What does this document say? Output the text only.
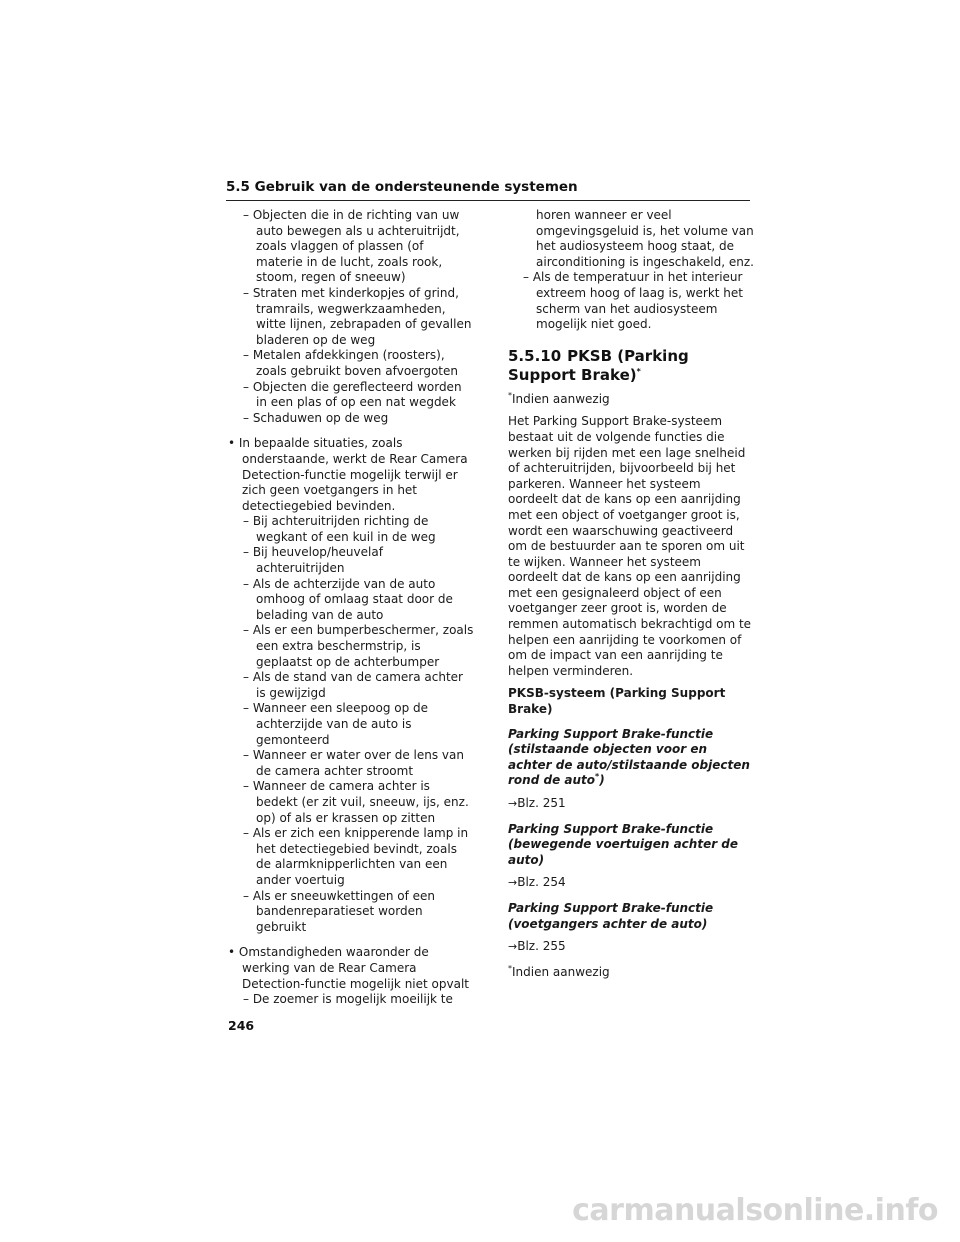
5.5 Gebruik van de ondersteunende systemen
– Objecten die in de richting van uw auto bewegen als u achteruitrijdt, zoals vlaggen of plassen (of materie in de lucht, zoals rook, stoom, regen of sneeuw)
– Straten met kinderkopjes of grind, tramrails, wegwerkzaamheden, witte lijnen, zebrapaden of gevallen bladeren op de weg
– Metalen afdekkingen (roosters), zoals gebruikt boven afvoergoten
– Objecten die gereflecteerd worden in een plas of op een nat wegdek
– Schaduwen op de weg

• In bepaalde situaties, zoals onderstaande, werkt de Rear Camera Detection-functie mogelijk terwijl er zich geen voetgangers in het detectiegebied bevinden.

– Bij achteruitrijden richting de wegkant of een kuil in de weg
– Bij heuvelop/heuvelaf achteruitrijden
– Als de achterzijde van de auto omhoog of omlaag staat door de belading van de auto
– Als er een bumperbeschermer, zoals een extra beschermstrip, is geplaatst op de achterbumper
– Als de stand van de camera achter is gewijzigd
– Wanneer een sleepoog op de achterzijde van de auto is gemonteerd
– Wanneer er water over de lens van de camera achter stroomt
– Wanneer de camera achter is bedekt (er zit vuil, sneeuw, ijs, enz. op) of als er krassen op zitten
– Als er zich een knipperende lamp in het detectiegebied bevindt, zoals de alarmknipperlichten van een ander voertuig
– Als er sneeuwkettingen of een bandenreparatieset worden gebruikt

• Omstandigheden waaronder de werking van de Rear Camera Detection-functie mogelijk niet opvalt

– De zoemer is mogelijk moeilijk te

horen wanneer er veel omgevingsgeluid is, het volume van het audiosysteem hoog staat, de airconditioning is ingeschakeld, enz.

– Als de temperatuur in het interieur extreem hoog of laag is, werkt het scherm van het audiosysteem mogelijk niet goed.

5.5.10 PKSB (Parking Support Brake)*

*Indien aanwezig

Het Parking Support Brake-systeem bestaat uit de volgende functies die werken bij rijden met een lage snelheid of achteruitrijden, bijvoorbeeld bij het parkeren. Wanneer het systeem oordeelt dat de kans op een aanrijding met een object of voetganger groot is, wordt een waarschuwing geactiveerd om de bestuurder aan te sporen om uit te wijken. Wanneer het systeem oordeelt dat de kans op een aanrijding met een gesignaleerd object of een voetganger zeer groot is, worden de remmen automatisch bekrachtigd om te helpen een aanrijding te voorkomen of om de impact van een aanrijding te helpen verminderen.

PKSB-systeem (Parking Support Brake)

Parking Support Brake-functie (stilstaande objecten voor en achter de auto/stilstaande objecten rond de auto*)

→Blz. 251

Parking Support Brake-functie (bewegende voertuigen achter de auto)

→Blz. 254

Parking Support Brake-functie (voetgangers achter de auto)

→Blz. 255

*Indien aanwezig

246
carmanualsonline.info
